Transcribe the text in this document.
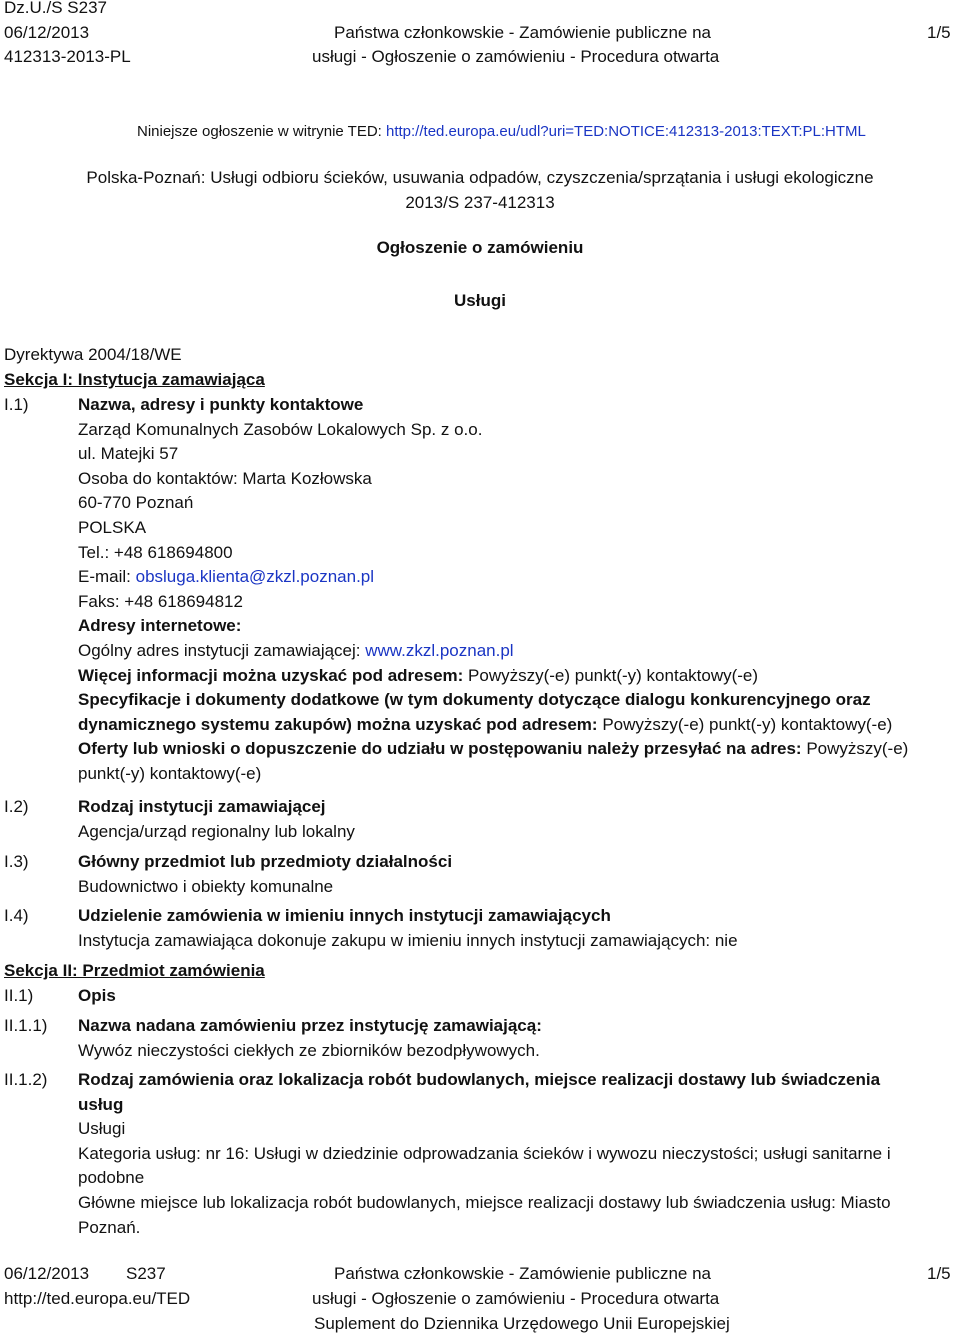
Dz.U./S S237
06/12/2013
412313-2013-PL
Państwa członkowskie - Zamówienie publiczne na
usługi - Ogłoszenie o zamówieniu - Procedura otwarta
1/5
Niniejsze ogłoszenie w witrynie TED: http://ted.europa.eu/udl?uri=TED:NOTICE:412313-2013:TEXT:PL:HTML
Polska-Poznań: Usługi odbioru ścieków, usuwania odpadów, czyszczenia/sprzątania i usługi ekologiczne
2013/S 237-412313
Ogłoszenie o zamówieniu
Usługi
Dyrektywa 2004/18/WE
Sekcja I: Instytucja zamawiająca
I.1)	Nazwa, adresy i punkty kontaktowe
Zarząd Komunalnych Zasobów Lokalowych Sp. z o.o.
ul. Matejki 57
Osoba do kontaktów: Marta Kozłowska
60-770 Poznań
POLSKA
Tel.: +48 618694800
E-mail: obsluga.klienta@zkzl.poznan.pl
Faks: +48 618694812
Adresy internetowe:
Ogólny adres instytucji zamawiającej: www.zkzl.poznan.pl
Więcej informacji można uzyskać pod adresem: Powyższy(-e) punkt(-y) kontaktowy(-e)
Specyfikacje i dokumenty dodatkowe (w tym dokumenty dotyczące dialogu konkurencyjnego oraz
dynamicznego systemu zakupów) można uzyskać pod adresem: Powyższy(-e) punkt(-y) kontaktowy(-e)
Oferty lub wnioski o dopuszczenie do udziału w postępowaniu należy przesyłać na adres: Powyższy(-e)
punkt(-y) kontaktowy(-e)
I.2)	Rodzaj instytucji zamawiającej
Agencja/urząd regionalny lub lokalny
I.3)	Główny przedmiot lub przedmioty działalności
Budownictwo i obiekty komunalne
I.4)	Udzielenie zamówienia w imieniu innych instytucji zamawiających
Instytucja zamawiająca dokonuje zakupu w imieniu innych instytucji zamawiających: nie
Sekcja II: Przedmiot zamówienia
II.1)	Opis
II.1.1) Nazwa nadana zamówieniu przez instytucję zamawiającą:
Wywóz nieczystości ciekłych ze zbiorników bezodpływowych.
II.1.2) Rodzaj zamówienia oraz lokalizacja robót budowlanych, miejsce realizacji dostawy lub świadczenia
usług
Usługi
Kategoria usług: nr 16: Usługi w dziedzinie odprowadzania ścieków i wywozu nieczystości; usługi sanitarne i
podobne
Główne miejsce lub lokalizacja robót budowlanych, miejsce realizacji dostawy lub świadczenia usług: Miasto
Poznań.
06/12/2013 S237
http://ted.europa.eu/TED
Państwa członkowskie - Zamówienie publiczne na
usługi - Ogłoszenie o zamówieniu - Procedura otwarta
Suplement do Dziennika Urzędowego Unii Europejskiej
1/5
